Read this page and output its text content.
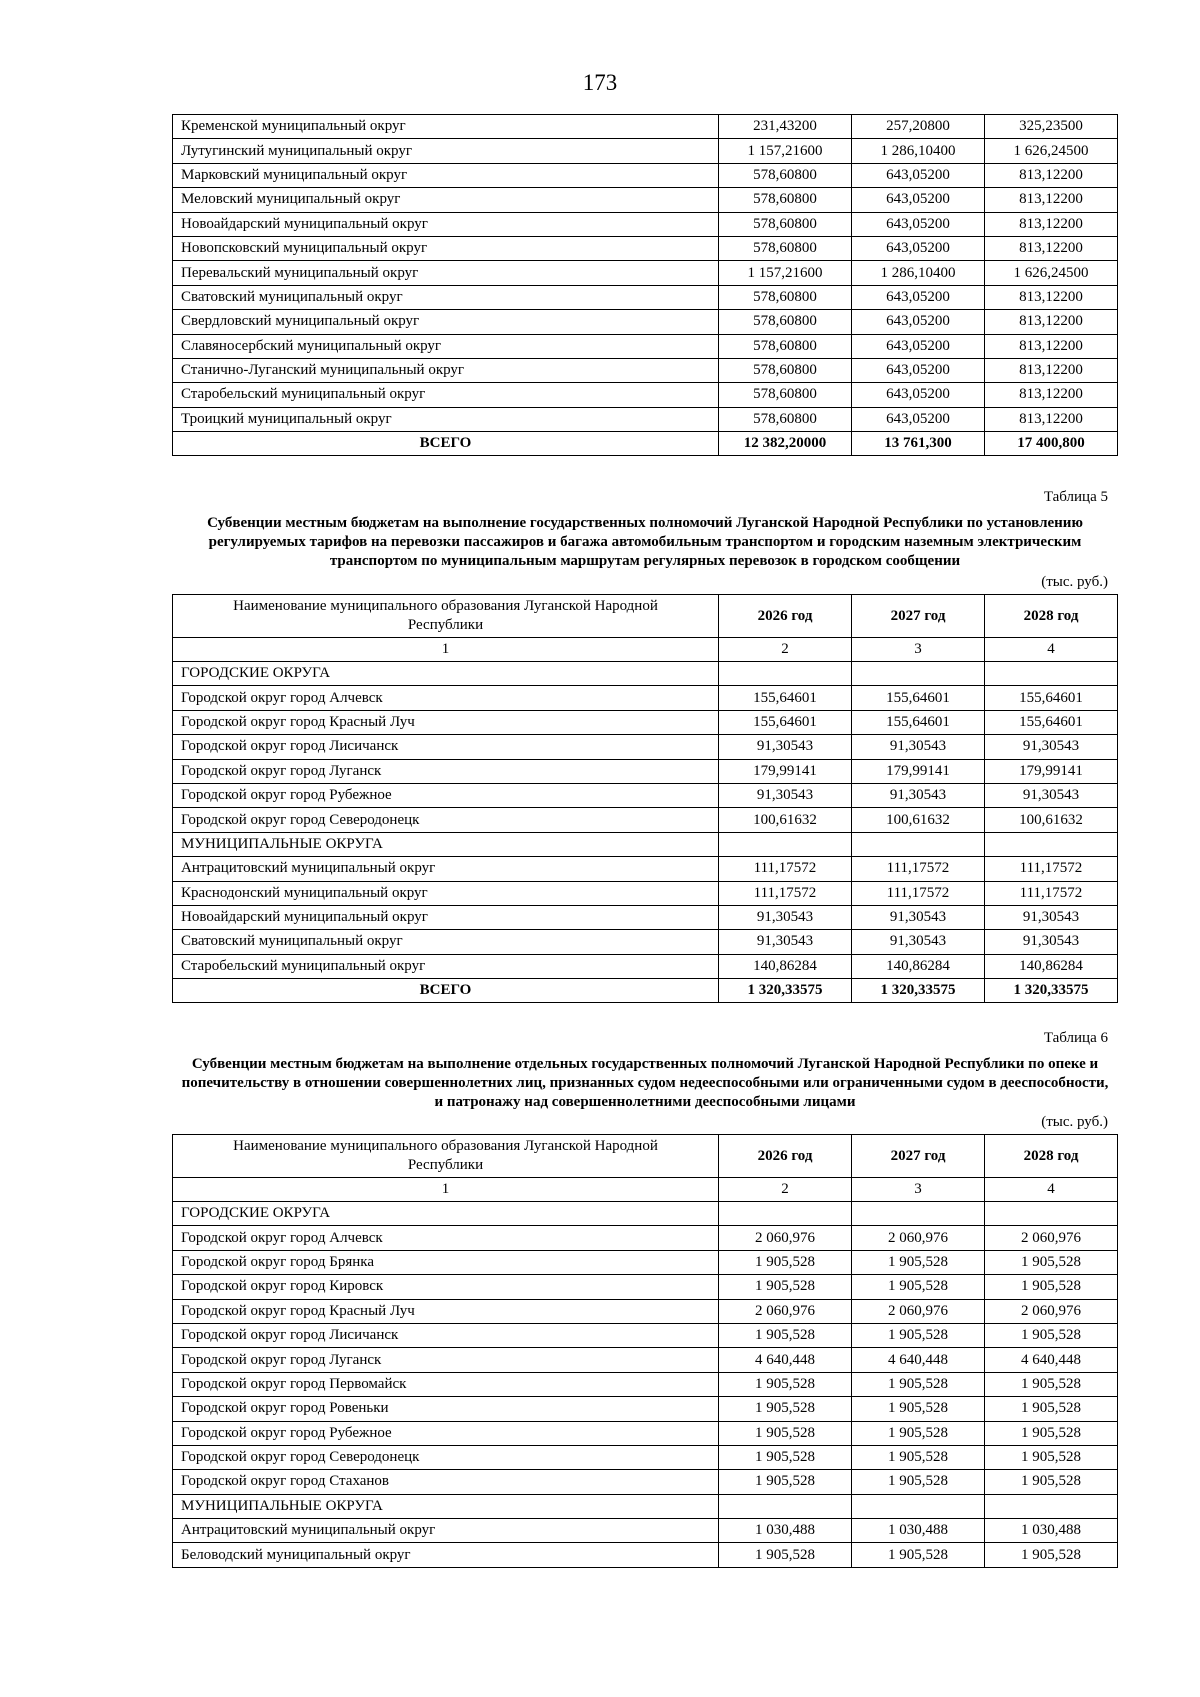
173
Кременской муниципальный округ	231,43200	257,20800	325,23500
Лутугинский муниципальный округ	1 157,21600	1 286,10400	1 626,24500
Марковский муниципальный округ	578,60800	643,05200	813,12200
Меловский муниципальный округ	578,60800	643,05200	813,12200
Новоайдарский муниципальный округ	578,60800	643,05200	813,12200
Новопсковский муниципальный округ	578,60800	643,05200	813,12200
Перевальский муниципальный округ	1 157,21600	1 286,10400	1 626,24500
Сватовский муниципальный округ	578,60800	643,05200	813,12200
Свердловский муниципальный округ	578,60800	643,05200	813,12200
Славяносербский муниципальный округ	578,60800	643,05200	813,12200
Станично-Луганский муниципальный округ	578,60800	643,05200	813,12200
Старобельский муниципальный округ	578,60800	643,05200	813,12200
Троицкий муниципальный округ	578,60800	643,05200	813,12200
ВСЕГО	12 382,20000	13 761,300	17 400,800
Таблица 5
Субвенции местным бюджетам на выполнение государственных полномочий Луганской Народной Республики по установлению регулируемых тарифов на перевозки пассажиров и багажа автомобильным транспортом и городским наземным электрическим транспортом по муниципальным маршрутам регулярных перевозок в городском сообщении
(тыс. руб.)
Наименование муниципального образования Луганской Народной Республики	2026 год	2027 год	2028 год
1	2	3	4
ГОРОДСКИЕ ОКРУГА			
Городской округ город Алчевск	155,64601	155,64601	155,64601
Городской округ город Красный Луч	155,64601	155,64601	155,64601
Городской округ город Лисичанск	91,30543	91,30543	91,30543
Городской округ город Луганск	179,99141	179,99141	179,99141
Городской округ город Рубежное	91,30543	91,30543	91,30543
Городской округ город Северодонецк	100,61632	100,61632	100,61632
МУНИЦИПАЛЬНЫЕ ОКРУГА			
Антрацитовский муниципальный округ	111,17572	111,17572	111,17572
Краснодонский муниципальный округ	111,17572	111,17572	111,17572
Новоайдарский муниципальный округ	91,30543	91,30543	91,30543
Сватовский муниципальный округ	91,30543	91,30543	91,30543
Старобельский муниципальный округ	140,86284	140,86284	140,86284
ВСЕГО	1 320,33575	1 320,33575	1 320,33575
Таблица 6
Субвенции местным бюджетам на выполнение отдельных государственных полномочий Луганской Народной Республики по опеке и попечительству в отношении совершеннолетних лиц, признанных судом недееспособными или ограниченными судом в дееспособности, и патронажу над совершеннолетними дееспособными лицами
(тыс. руб.)
Наименование муниципального образования Луганской Народной Республики	2026 год	2027 год	2028 год
1	2	3	4
ГОРОДСКИЕ ОКРУГА			
Городской округ город Алчевск	2 060,976	2 060,976	2 060,976
Городской округ город Брянка	1 905,528	1 905,528	1 905,528
Городской округ город Кировск	1 905,528	1 905,528	1 905,528
Городской округ город Красный Луч	2 060,976	2 060,976	2 060,976
Городской округ город Лисичанск	1 905,528	1 905,528	1 905,528
Городской округ город Луганск	4 640,448	4 640,448	4 640,448
Городской округ город Первомайск	1 905,528	1 905,528	1 905,528
Городской округ город Ровеньки	1 905,528	1 905,528	1 905,528
Городской округ город Рубежное	1 905,528	1 905,528	1 905,528
Городской округ город Северодонецк	1 905,528	1 905,528	1 905,528
Городской округ город Стаханов	1 905,528	1 905,528	1 905,528
МУНИЦИПАЛЬНЫЕ ОКРУГА			
Антрацитовский муниципальный округ	1 030,488	1 030,488	1 030,488
Беловодский муниципальный округ	1 905,528	1 905,528	1 905,528
